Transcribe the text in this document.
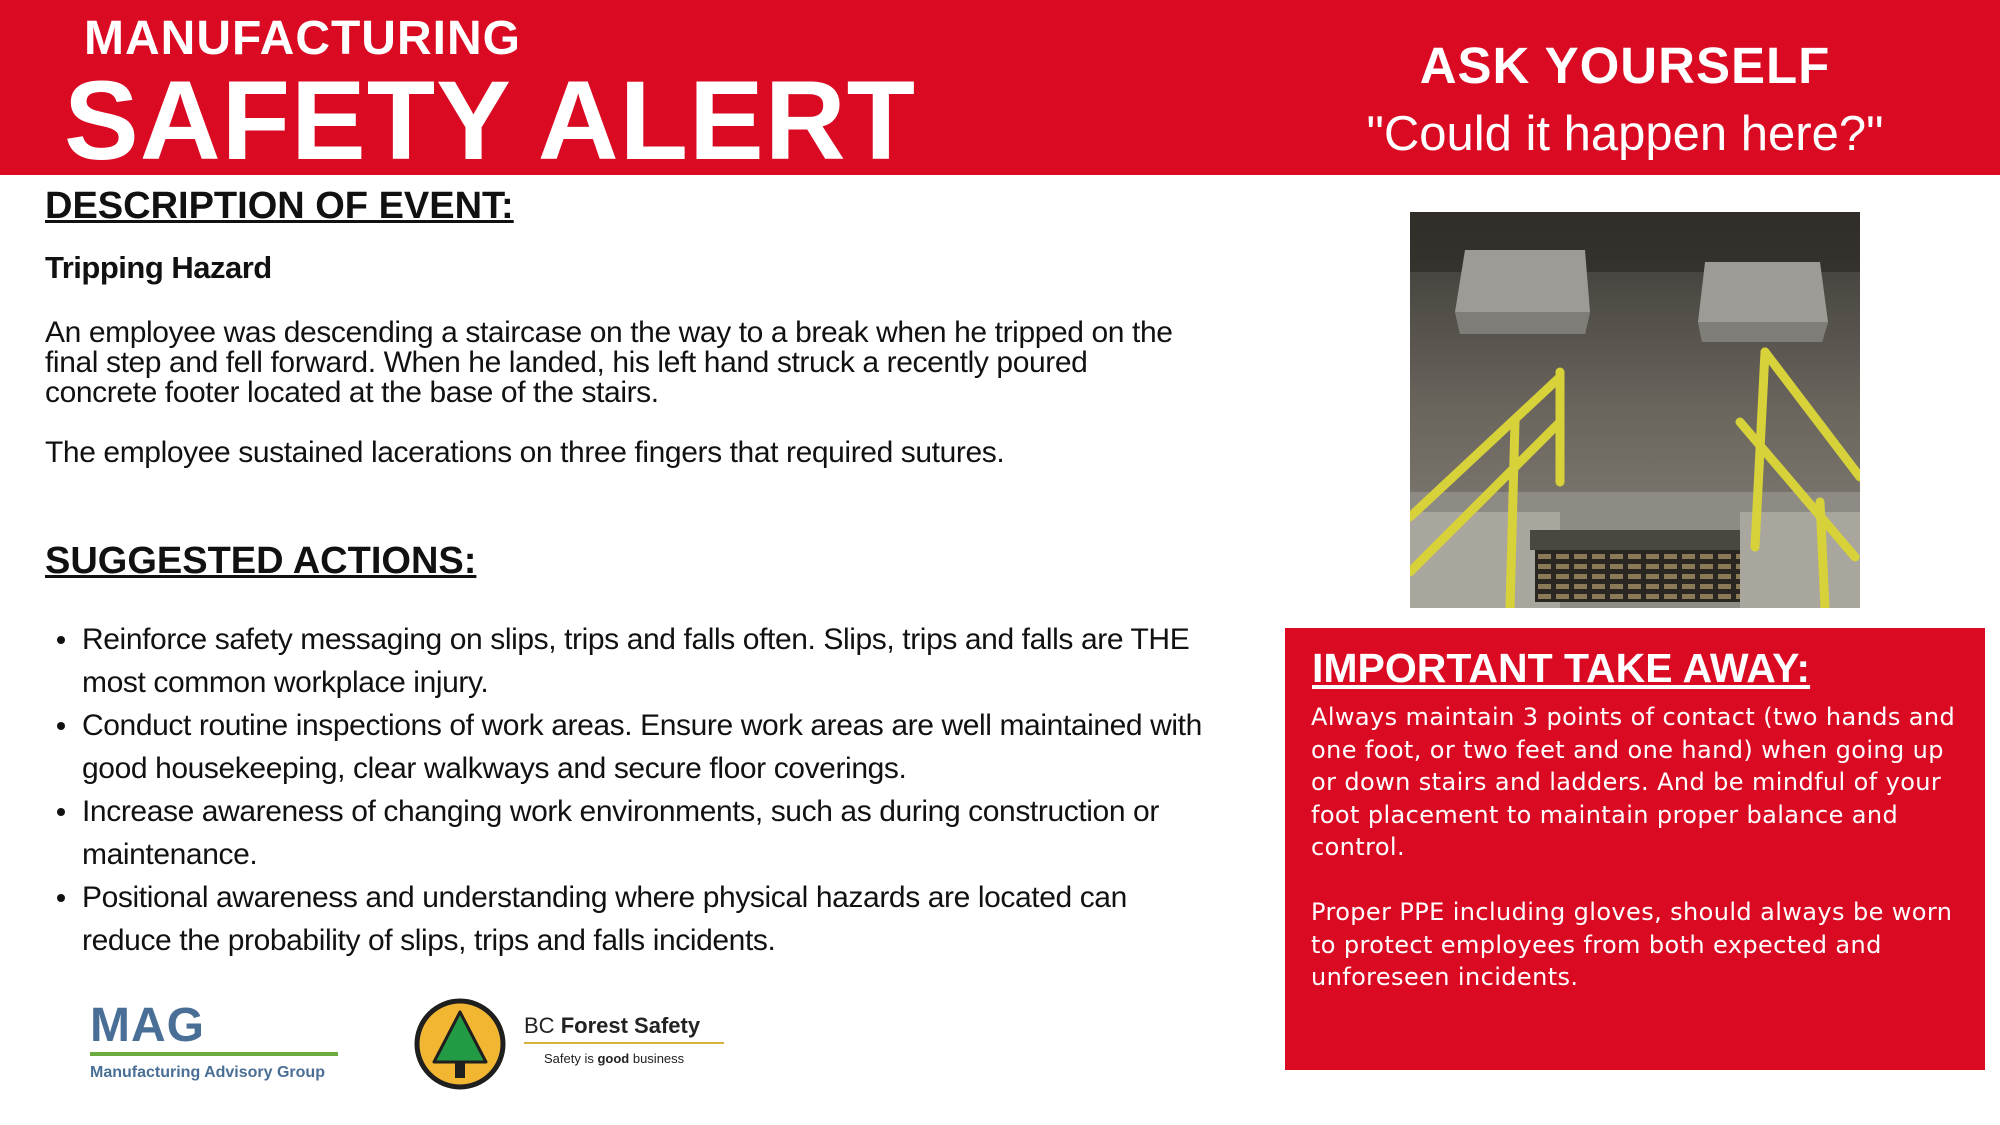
MANUFACTURING
SAFETY ALERT	ASK YOURSELF
"Could it happen here?"
DESCRIPTION OF EVENT:
Tripping Hazard

An employee was descending a staircase on the way to a break when he tripped on the final step and fell forward. When he landed, his left hand struck a recently poured concrete footer located at the base of the stairs.

The employee sustained lacerations on three fingers that required sutures.

SUGGESTED ACTIONS:
Reinforce safety messaging on slips, trips and falls often. Slips, trips and falls are THE most common workplace injury.
Conduct routine inspections of work areas. Ensure work areas are well maintained with good housekeeping, clear walkways and secure floor coverings.
Increase awareness of changing work environments, such as during construction or maintenance.
Positional awareness and understanding where physical hazards are located can reduce the probability of slips, trips and falls incidents.
IMPORTANT TAKE AWAY:

Always maintain 3 points of contact (two hands and one foot, or two feet and one hand) when going up or down stairs and ladders. And be mindful of your foot placement to maintain proper balance and control.

Proper PPE including gloves, should always be worn to protect employees from both expected and unforeseen incidents.

MAG
Manufacturing Advisory Group
BC Forest Safety
Safety is good business
